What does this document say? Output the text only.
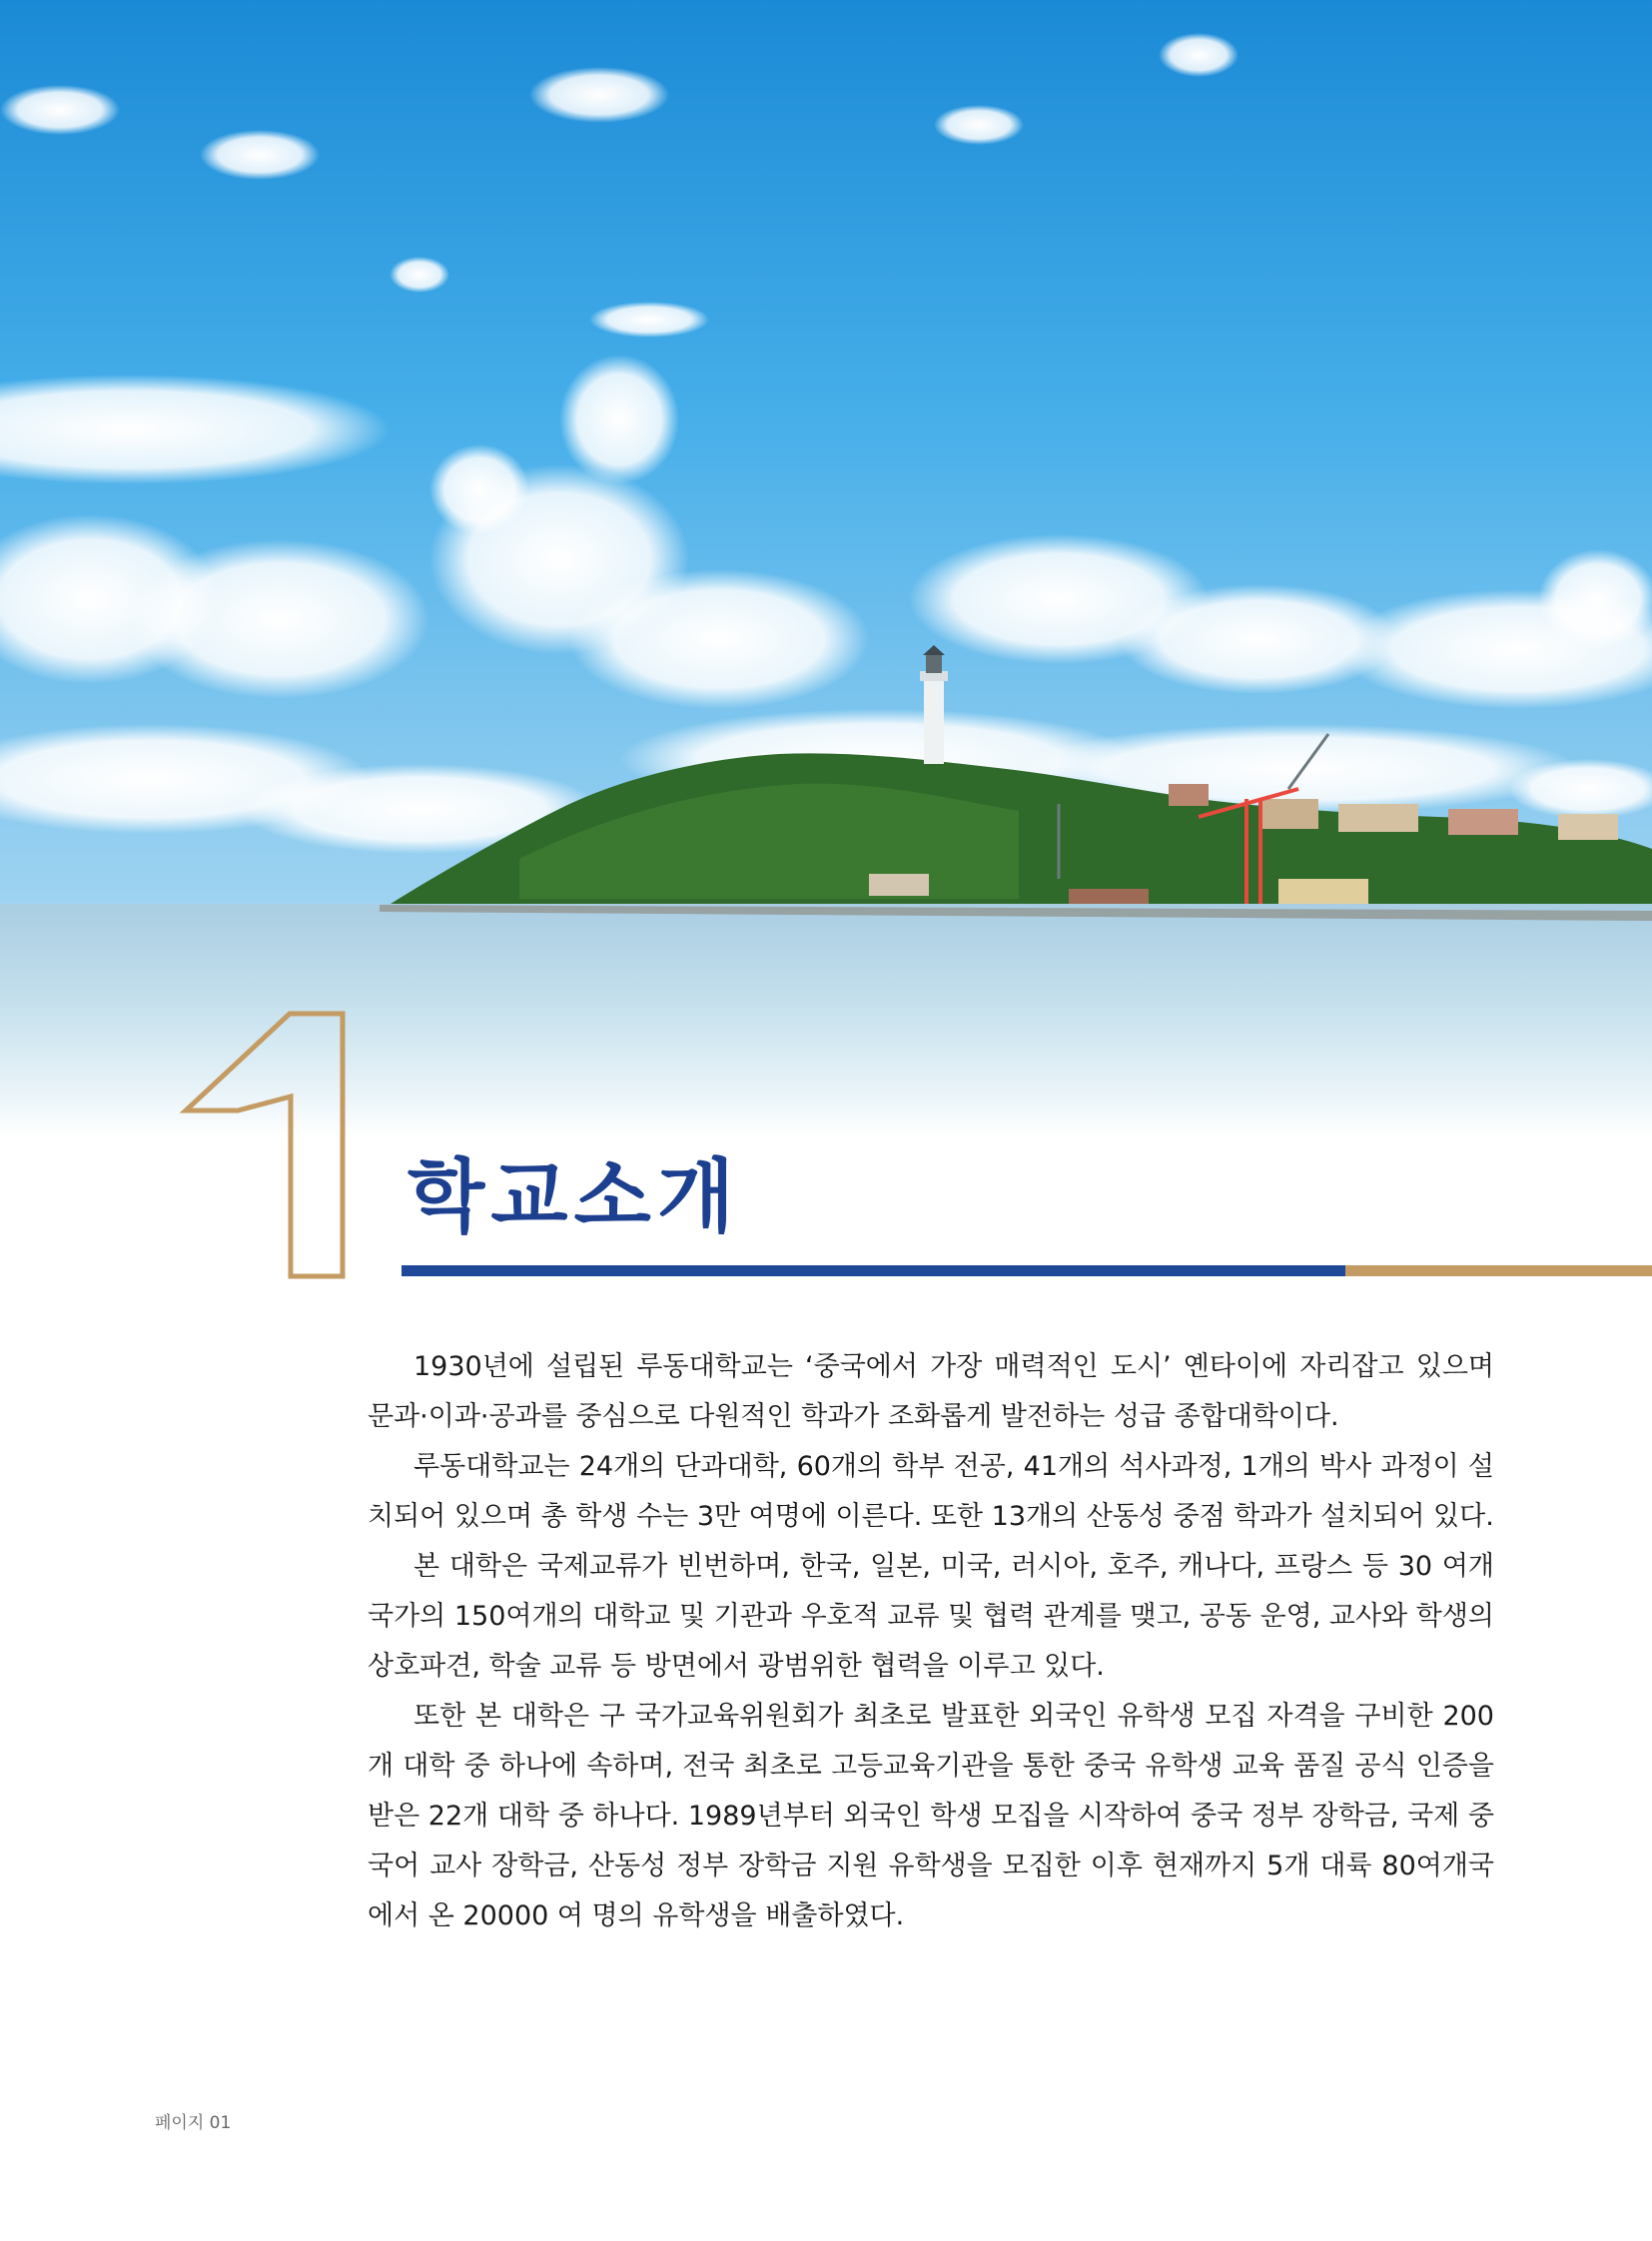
1
학교소개

1930년에 설립된 루동대학교는 ‘중국에서 가장 매력적인 도시’ 옌타이에 자리잡고 있으며 문과·이과·공과를 중심으로 다원적인 학과가 조화롭게 발전하는 성급 종합대학이다.

루동대학교는 24개의 단과대학, 60개의 학부 전공, 41개의 석사과정, 1개의 박사 과정이 설치되어 있으며 총 학생 수는 3만 여명에 이른다. 또한 13개의 산동성 중점 학과가 설치되어 있다.

본 대학은 국제교류가 빈번하며, 한국, 일본, 미국, 러시아, 호주, 캐나다, 프랑스 등 30 여개 국가의 150여개의 대학교 및 기관과 우호적 교류 및 협력 관계를 맺고, 공동 운영, 교사와 학생의 상호파견, 학술 교류 등 방면에서 광범위한 협력을 이루고 있다.

또한 본 대학은 구 국가교육위원회가 최초로 발표한 외국인 유학생 모집 자격을 구비한 200개 대학 중 하나에 속하며, 전국 최초로 고등교육기관을 통한 중국 유학생 교육 품질 공식 인증을 받은 22개 대학 중 하나다. 1989년부터 외국인 학생 모집을 시작하여 중국 정부 장학금, 국제 중국어 교사 장학금, 산동성 정부 장학금 지원 유학생을 모집한 이후 현재까지 5개 대륙 80여개국에서 온 20000 여 명의 유학생을 배출하였다.

페이지 01
